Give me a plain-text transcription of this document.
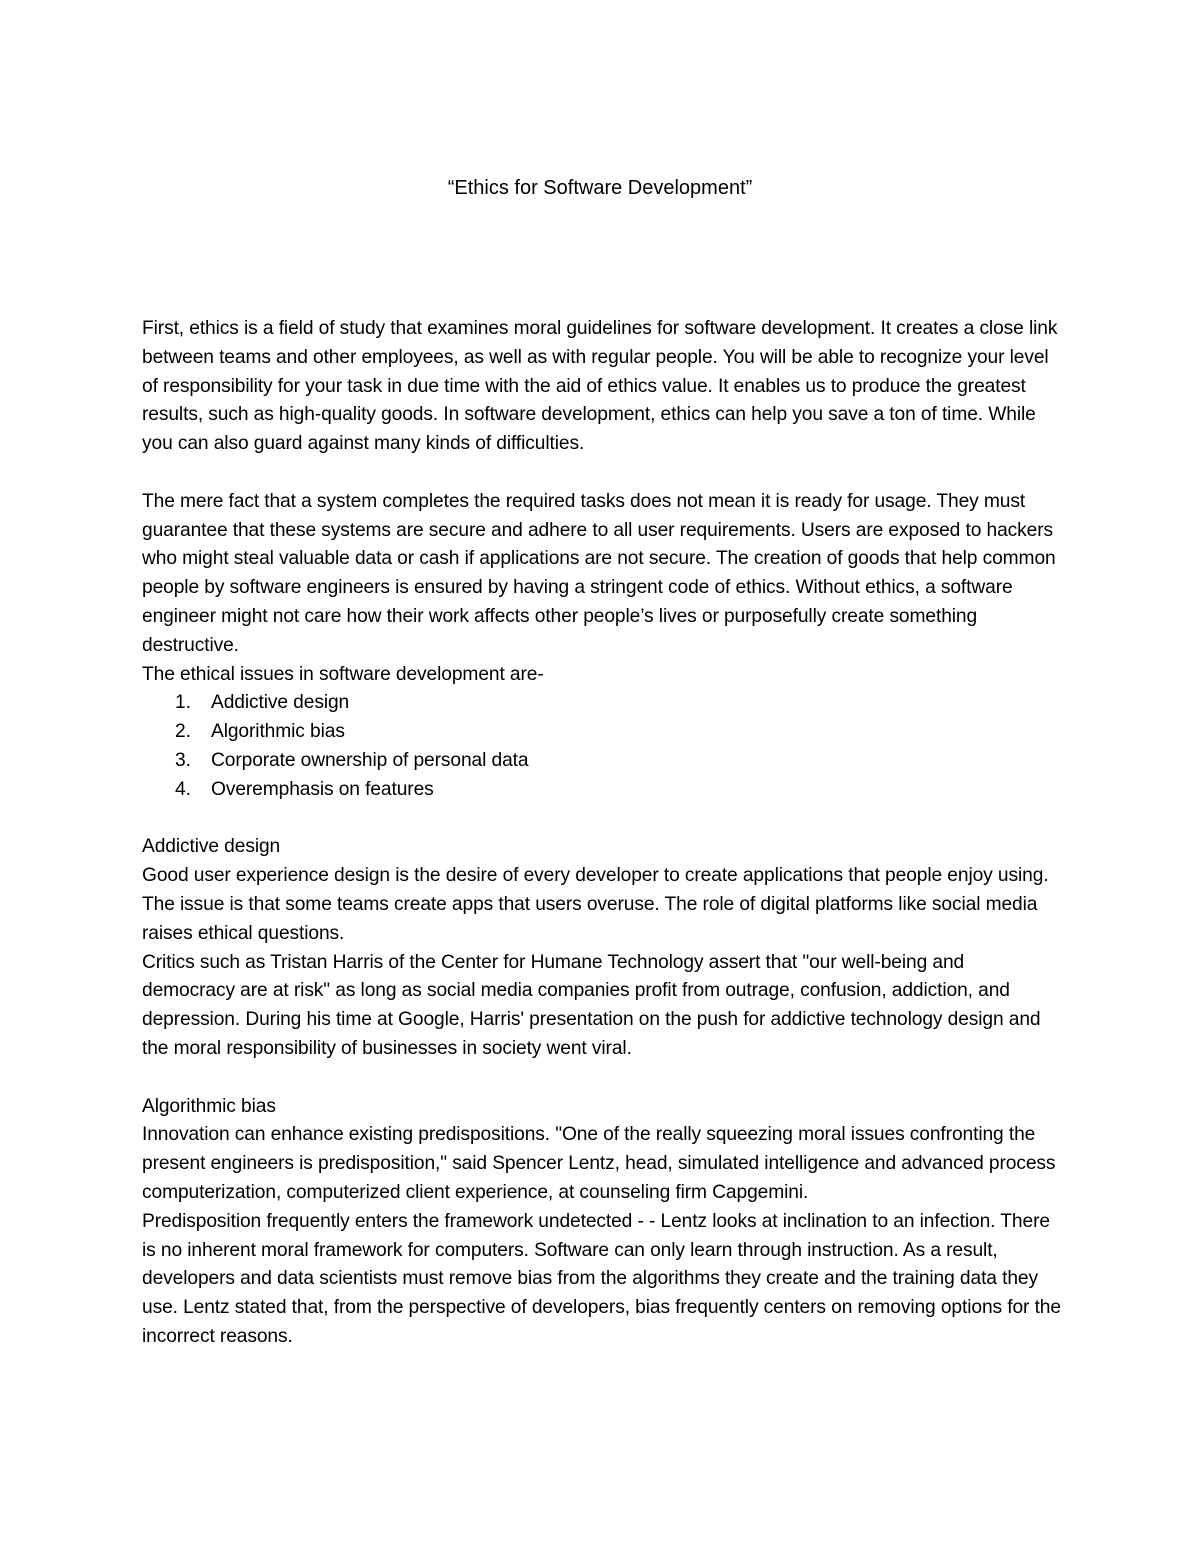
“Ethics for Software Development”

First, ethics is a field of study that examines moral guidelines for software development. It creates a close link between teams and other employees, as well as with regular people. You will be able to recognize your level of responsibility for your task in due time with the aid of ethics value. It enables us to produce the greatest results, such as high-quality goods. In software development, ethics can help you save a ton of time. While you can also guard against many kinds of difficulties.

The mere fact that a system completes the required tasks does not mean it is ready for usage. They must guarantee that these systems are secure and adhere to all user requirements. Users are exposed to hackers who might steal valuable data or cash if applications are not secure. The creation of goods that help common people by software engineers is ensured by having a stringent code of ethics. Without ethics, a software engineer might not care how their work affects other people’s lives or purposefully create something destructive.

The ethical issues in software development are-

1.	Addictive design
2.	Algorithmic bias
3.	Corporate ownership of personal data
4.	Overemphasis on features

Addictive design

Good user experience design is the desire of every developer to create applications that people enjoy using. The issue is that some teams create apps that users overuse. The role of digital platforms like social media raises ethical questions.

Critics such as Tristan Harris of the Center for Humane Technology assert that "our well-being and democracy are at risk" as long as social media companies profit from outrage, confusion, addiction, and depression. During his time at Google, Harris' presentation on the push for addictive technology design and the moral responsibility of businesses in society went viral.

Algorithmic bias

Innovation can enhance existing predispositions. "One of the really squeezing moral issues confronting the present engineers is predisposition," said Spencer Lentz, head, simulated intelligence and advanced process computerization, computerized client experience, at counseling firm Capgemini.

Predisposition frequently enters the framework undetected - - Lentz looks at inclination to an infection. There is no inherent moral framework for computers. Software can only learn through instruction. As a result, developers and data scientists must remove bias from the algorithms they create and the training data they use. Lentz stated that, from the perspective of developers, bias frequently centers on removing options for the incorrect reasons.
